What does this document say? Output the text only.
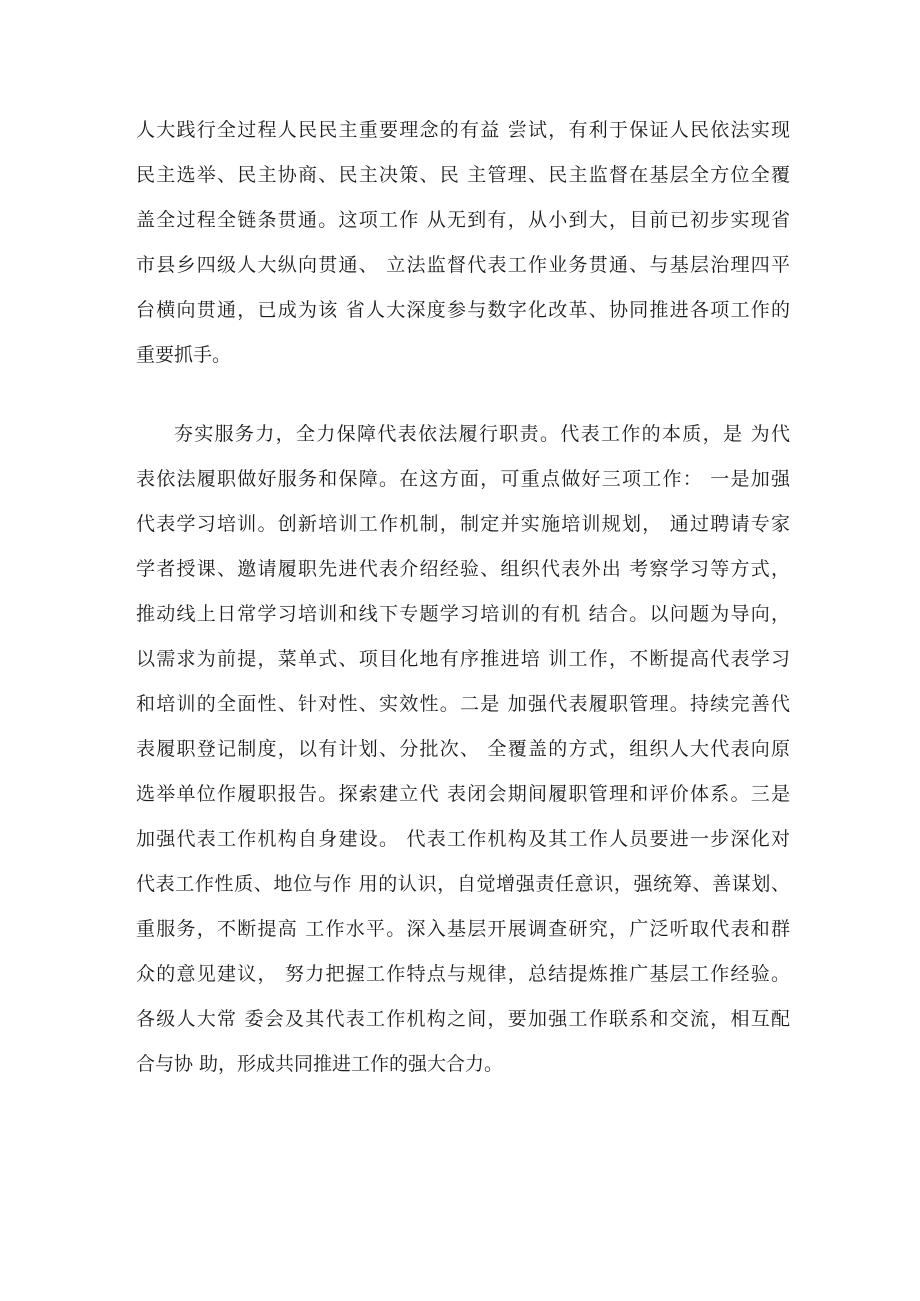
人大践行全过程人民民主重要理念的有益 尝试，有利于保证人民依法实现

民主选举、民主协商、民主决策、民 主管理、民主监督在基层全方位全覆

盖全过程全链条贯通。这项工作 从无到有，从小到大，目前已初步实现省

市县乡四级人大纵向贯通、 立法监督代表工作业务贯通、与基层治理四平

台横向贯通，已成为该 省人大深度参与数字化改革、协同推进各项工作的

重要抓手。

夯实服务力，全力保障代表依法履行职责。代表工作的本质，是 为代

表依法履职做好服务和保障。在这方面，可重点做好三项工作： 一是加强

代表学习培训。创新培训工作机制，制定并实施培训规划， 通过聘请专家

学者授课、邀请履职先进代表介绍经验、组织代表外出 考察学习等方式，

推动线上日常学习培训和线下专题学习培训的有机 结合。以问题为导向，

以需求为前提，菜单式、项目化地有序推进培 训工作，不断提高代表学习

和培训的全面性、针对性、实效性。二是 加强代表履职管理。持续完善代

表履职登记制度，以有计划、分批次、 全覆盖的方式，组织人大代表向原

选举单位作履职报告。探索建立代 表闭会期间履职管理和评价体系。三是

加强代表工作机构自身建设。 代表工作机构及其工作人员要进一步深化对

代表工作性质、地位与作 用的认识，自觉增强责任意识，强统筹、善谋划、

重服务，不断提高 工作水平。深入基层开展调查研究，广泛听取代表和群

众的意见建议， 努力把握工作特点与规律，总结提炼推广基层工作经验。

各级人大常 委会及其代表工作机构之间，要加强工作联系和交流，相互配

合与协 助，形成共同推进工作的强大合力。
